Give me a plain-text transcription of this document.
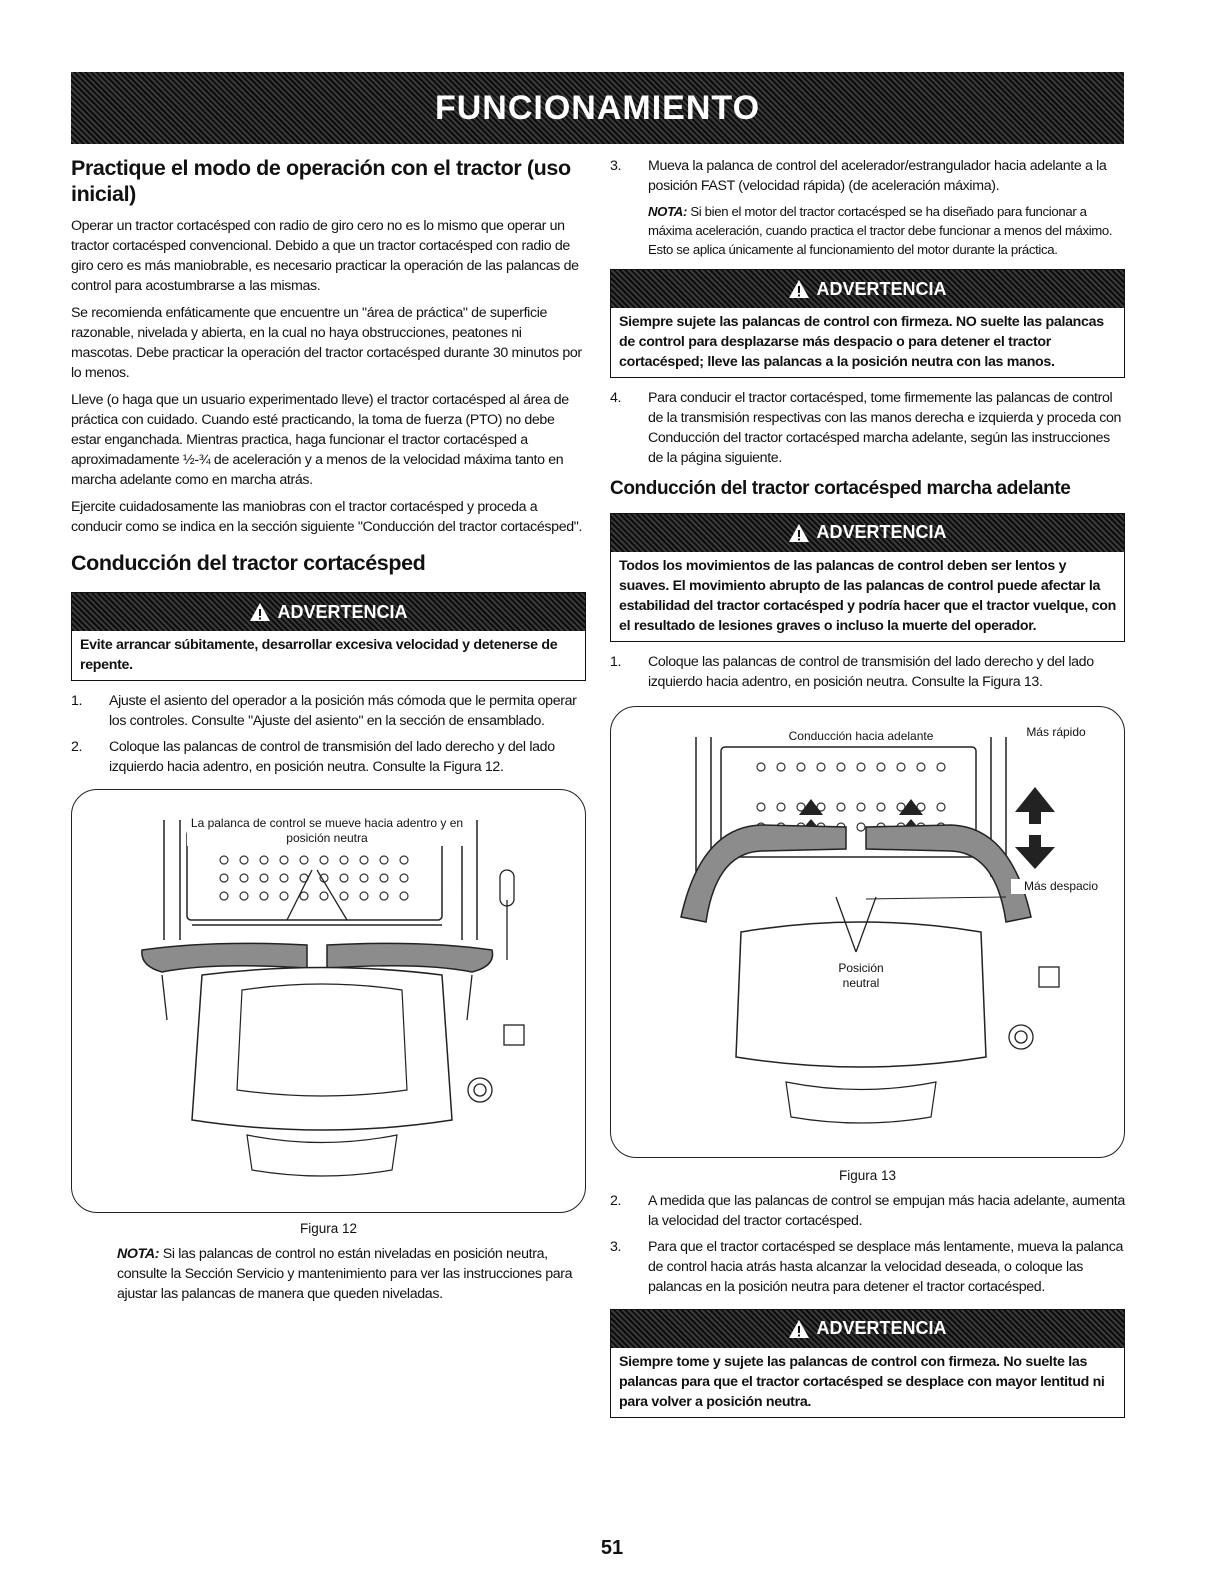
FUNCIONAMIENTO
Practique el modo de operación con el tractor (uso inicial)

Operar un tractor cortacésped con radio de giro cero no es lo mismo que operar un tractor cortacésped convencional. Debido a que un tractor cortacésped con radio de giro cero es más maniobrable, es necesario practicar la operación de las palancas de control para acostumbrarse a las mismas.

Se recomienda enfáticamente que encuentre un "área de práctica" de superficie razonable, nivelada y abierta, en la cual no haya obstrucciones, peatones ni mascotas. Debe practicar la operación del tractor cortacésped durante 30 minutos por lo menos.

Lleve (o haga que un usuario experimentado lleve) el tractor cortacésped al área de práctica con cuidado. Cuando esté practicando, la toma de fuerza (PTO) no debe estar enganchada. Mientras practica, haga funcionar el tractor cortacésped a aproximadamente ½-¾ de aceleración y a menos de la velocidad máxima tanto en marcha adelante como en marcha atrás.

Ejercite cuidadosamente las maniobras con el tractor cortacésped y proceda a conducir como se indica en la sección siguiente "Conducción del tractor cortacésped".

Conducción del tractor cortacésped
ADVERTENCIA
Evite arrancar súbitamente, desarrollar excesiva velocidad y detenerse de repente.
1.	Ajuste el asiento del operador a la posición más cómoda que le permita operar los controles. Consulte "Ajuste del asiento" en la sección de ensamblado.
2.	Coloque las palancas de control de transmisión del lado derecho y del lado izquierdo hacia adentro, en posición neutra. Consulte la Figura 12.
La palanca de control se mueve hacia adentro y en posición neutra
Figura 12

NOTA: Si las palancas de control no están niveladas en posición neutra, consulte la Sección Servicio y mantenimiento para ver las instrucciones para ajustar las palancas de manera que queden niveladas.

3.	Mueva la palanca de control del acelerador/estrangulador hacia adelante a la posición FAST (velocidad rápida) (de aceleración máxima).

NOTA: Si bien el motor del tractor cortacésped se ha diseñado para funcionar a máxima aceleración, cuando practica el tractor debe funcionar a menos del máximo. Esto se aplica únicamente al funcionamiento del motor durante la práctica.

ADVERTENCIA
Siempre sujete las palancas de control con firmeza. NO suelte las palancas de control para desplazarse más despacio o para detener el tractor cortacésped; lleve las palancas a la posición neutra con las manos.
4.	Para conducir el tractor cortacésped, tome firmemente las palancas de control de la transmisión respectivas con las manos derecha e izquierda y proceda con Conducción del tractor cortacésped marcha adelante, según las instrucciones de la página siguiente.
Conducción del tractor cortacésped marcha adelante
ADVERTENCIA
Todos los movimientos de las palancas de control deben ser lentos y suaves. El movimiento abrupto de las palancas de control puede afectar la estabilidad del tractor cortacésped y podría hacer que el tractor vuelque, con el resultado de lesiones graves o incluso la muerte del operador.
1.	Coloque las palancas de control de transmisión del lado derecho y del lado izquierdo hacia adentro, en posición neutra. Consulte la Figura 13.
Conducción hacia adelante	Más rápido
Más despacio
Posición neutral
Figura 13
2.	A medida que las palancas de control se empujan más hacia adelante, aumenta la velocidad del tractor cortacésped.
3.	Para que el tractor cortacésped se desplace más lentamente, mueva la palanca de control hacia atrás hasta alcanzar la velocidad deseada, o coloque las palancas en la posición neutra para detener el tractor cortacésped.
ADVERTENCIA
Siempre tome y sujete las palancas de control con firmeza. No suelte las palancas para que el tractor cortacésped se desplace con mayor lentitud ni para volver a posición neutra.
51
